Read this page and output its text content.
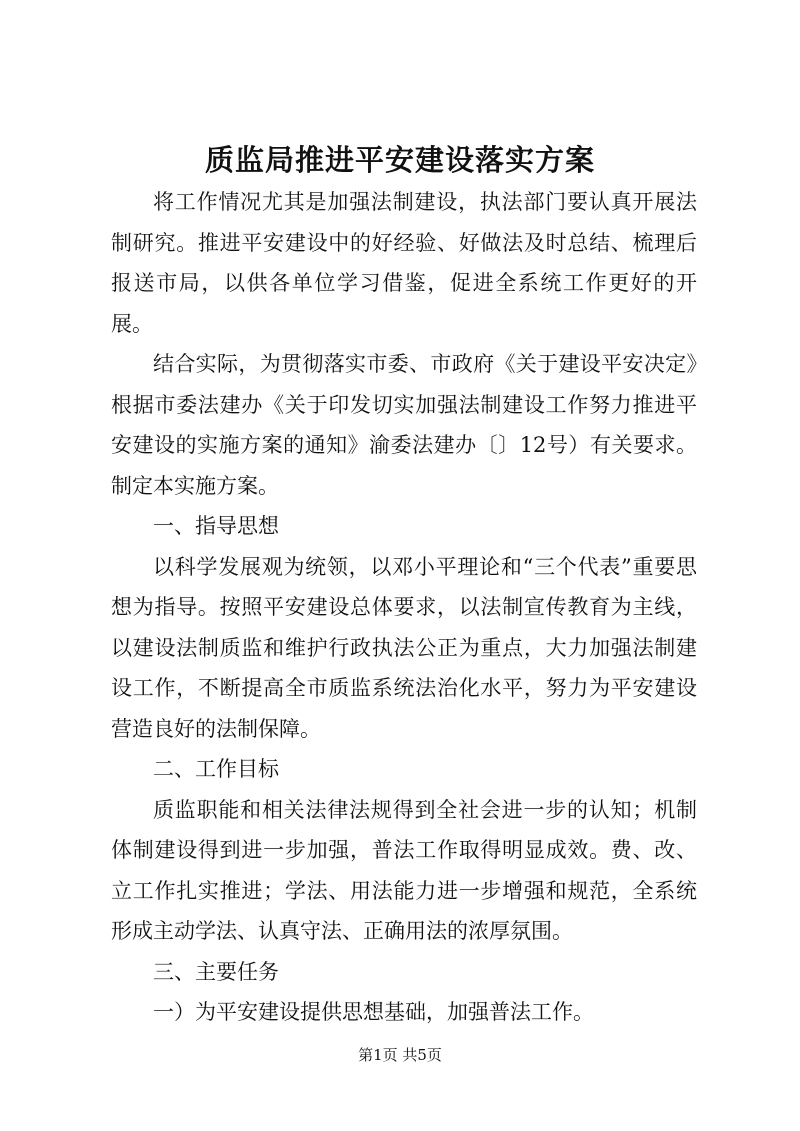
质监局推进平安建设落实方案

将工作情况尤其是加强法制建设，执法部门要认真开展法制研究。推进平安建设中的好经验、好做法及时总结、梳理后报送市局，以供各单位学习借鉴，促进全系统工作更好的开展。

结合实际，为贯彻落实市委、市政府《关于建设平安决定》根据市委法建办《关于印发切实加强法制建设工作努力推进平安建设的实施方案的通知》渝委法建办〔〕12号）有关要求。制定本实施方案。

一、指导思想

以科学发展观为统领，以邓小平理论和“三个代表”重要思想为指导。按照平安建设总体要求，以法制宣传教育为主线，以建设法制质监和维护行政执法公正为重点，大力加强法制建设工作，不断提高全市质监系统法治化水平，努力为平安建设营造良好的法制保障。

二、工作目标

质监职能和相关法律法规得到全社会进一步的认知；机制体制建设得到进一步加强，普法工作取得明显成效。费、改、立工作扎实推进；学法、用法能力进一步增强和规范，全系统形成主动学法、认真守法、正确用法的浓厚氛围。

三、主要任务

一）为平安建设提供思想基础，加强普法工作。

第1页 共5页
